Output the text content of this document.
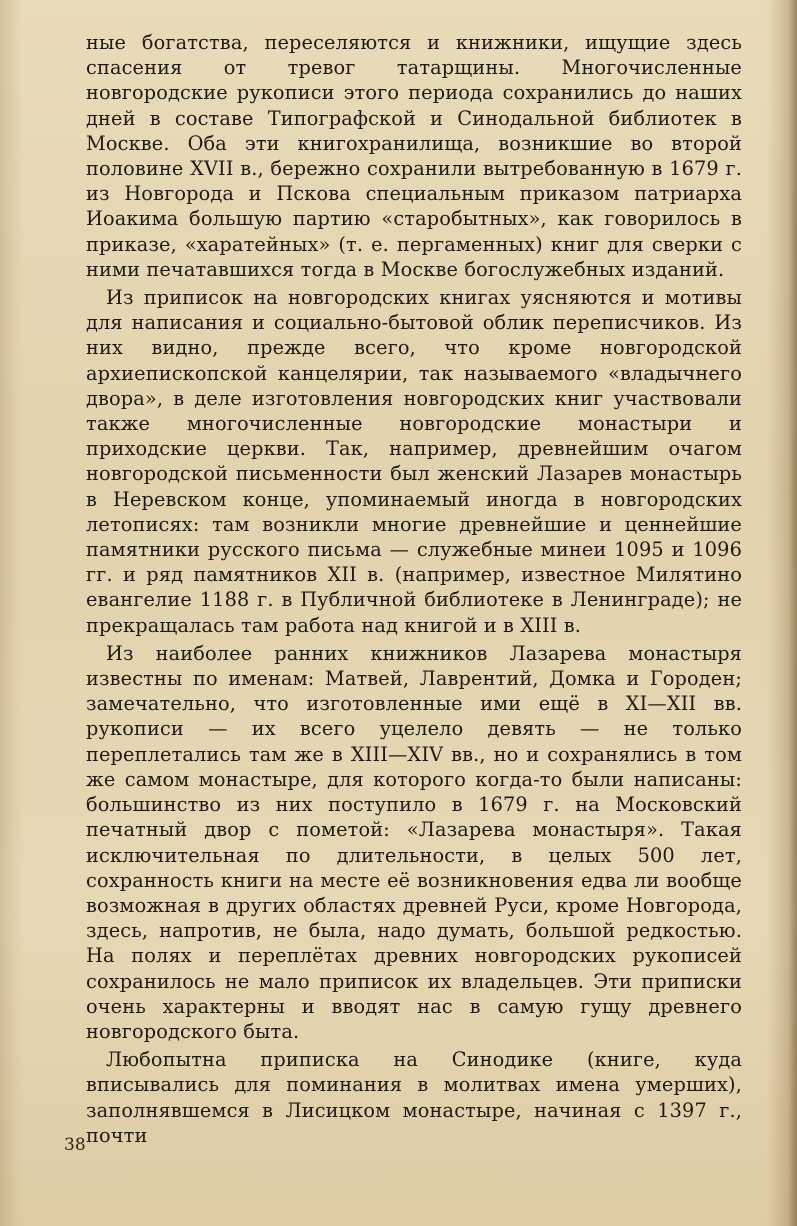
ные богатства, переселяются и книжники, ищущие здесь спасения от тревог татарщины. Многочисленные новгородские рукописи этого периода сохранились до наших дней в составе Типографской и Синодальной библиотек в Москве. Оба эти книгохранилища, возникшие во второй половине XVII в., бережно сохранили вытребованную в 1679 г. из Новгорода и Пскова специальным приказом патриарха Иоакима большую партию «старобытных», как говорилось в приказе, «харатейных» (т. е. пергаменных) книг для сверки с ними печатавшихся тогда в Москве богослужебных изданий.

Из приписок на новгородских книгах уясняются и мотивы для написания и социально-бытовой облик переписчиков. Из них видно, прежде всего, что кроме новгородской архиепископской канцелярии, так называемого «владычнего двора», в деле изготовления новгородских книг участвовали также многочисленные новгородские монастыри и приходские церкви. Так, например, древнейшим очагом новгородской письменности был женский Лазарев монастырь в Неревском конце, упоминаемый иногда в новгородских летописях: там возникли многие древнейшие и ценнейшие памятники русского письма — служебные минеи 1095 и 1096 гг. и ряд памятников XII в. (например, известное Милятино евангелие 1188 г. в Публичной библиотеке в Ленинграде); не прекращалась там работа над книгой и в XIII в.

Из наиболее ранних книжников Лазарева монастыря известны по именам: Матвей, Лаврентий, Домка и Городен; замечательно, что изготовленные ими ещё в XI—XII вв. рукописи — их всего уцелело девять — не только переплетались там же в XIII—XIV вв., но и сохранялись в том же самом монастыре, для которого когда-то были написаны: большинство из них поступило в 1679 г. на Московский печатный двор с пометой: «Лазарева монастыря». Такая исключительная по длительности, в целых 500 лет, сохранность книги на месте её возникновения едва ли вообще возможная в других областях древней Руси, кроме Новгорода, здесь, напротив, не была, надо думать, большой редкостью. На полях и переплётах древних новгородских рукописей сохранилось не мало приписок их владельцев. Эти приписки очень характерны и вводят нас в самую гущу древнего новгородского быта.

Любопытна приписка на Синодике (книге, куда вписывались для поминания в молитвах имена умерших), заполнявшемся в Лисицком монастыре, начиная с 1397 г., почти

38
